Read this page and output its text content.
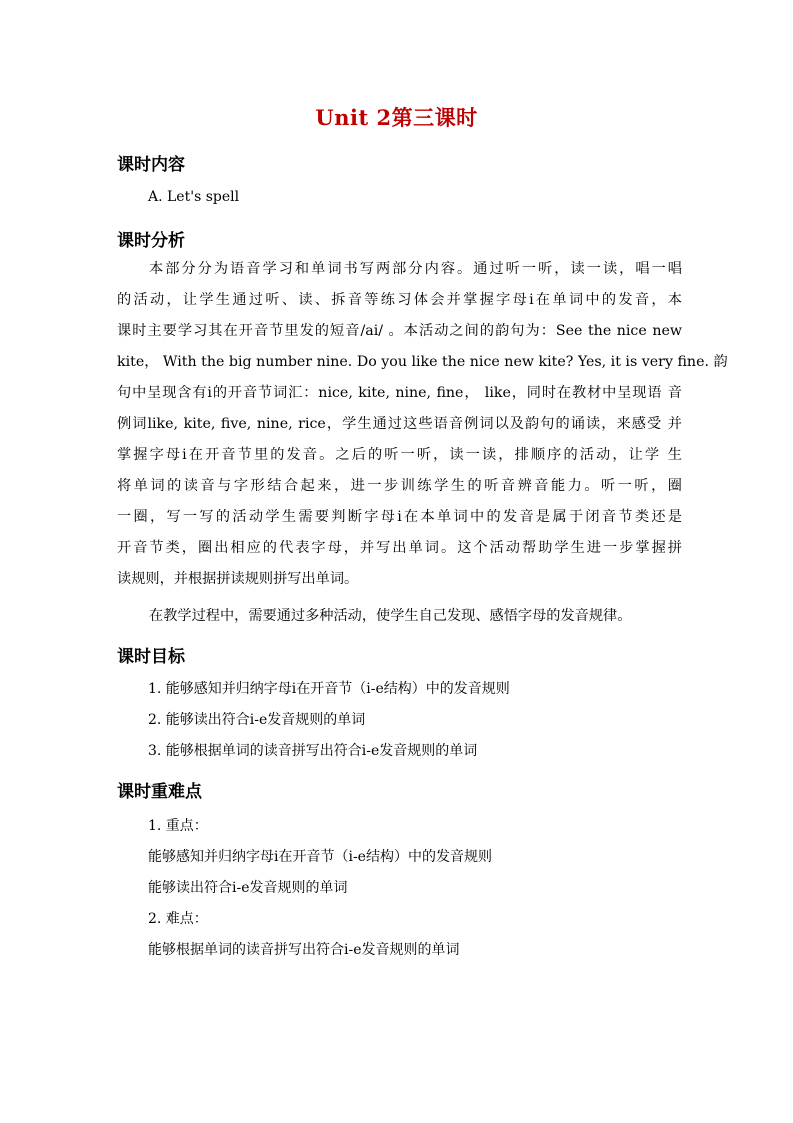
Unit 2第三课时
课时内容
A. Let's spell
课时分析
本部分分为语音学习和单词书写两部分内容。通过听一听，读一读，唱一唱
的活动，让学生通过听、读、拆音等练习体会并掌握字母i在单词中的发音，本
课时主要学习其在开音节里发的短音/ai/ 。本活动之间的韵句为：See the nice new
kite， With the big number nine. Do you like the nice new kite? Yes, it is very fine. 韵
句中呈现含有i的开音节词汇：nice, kite, nine, fine， like，同时在教材中呈现语 音
例词like, kite, five, nine, rice，学生通过这些语音例词以及韵句的诵读，来感受 并
掌握字母i在开音节里的发音。之后的听一听，读一读，排顺序的活动，让学 生
将单词的读音与字形结合起来，进一步训练学生的听音辨音能力。听一听，圈
一圈，写一写的活动学生需要判断字母i在本单词中的发音是属于闭音节类还是
开音节类，圈出相应的代表字母，并写出单词。这个活动帮助学生进一步掌握拼
读规则，并根据拼读规则拼写出单词。
在教学过程中，需要通过多种活动，使学生自己发现、感悟字母的发音规律。
课时目标
1. 能够感知并归纳字母i在开音节（i-e结构）中的发音规则
2. 能够读出符合i-e发音规则的单词
3. 能够根据单词的读音拼写出符合i-e发音规则的单词
课时重难点
1. 重点：
能够感知并归纳字母i在开音节（i-e结构）中的发音规则
能够读出符合i-e发音规则的单词
2. 难点：
能够根据单词的读音拼写出符合i-e发音规则的单词
